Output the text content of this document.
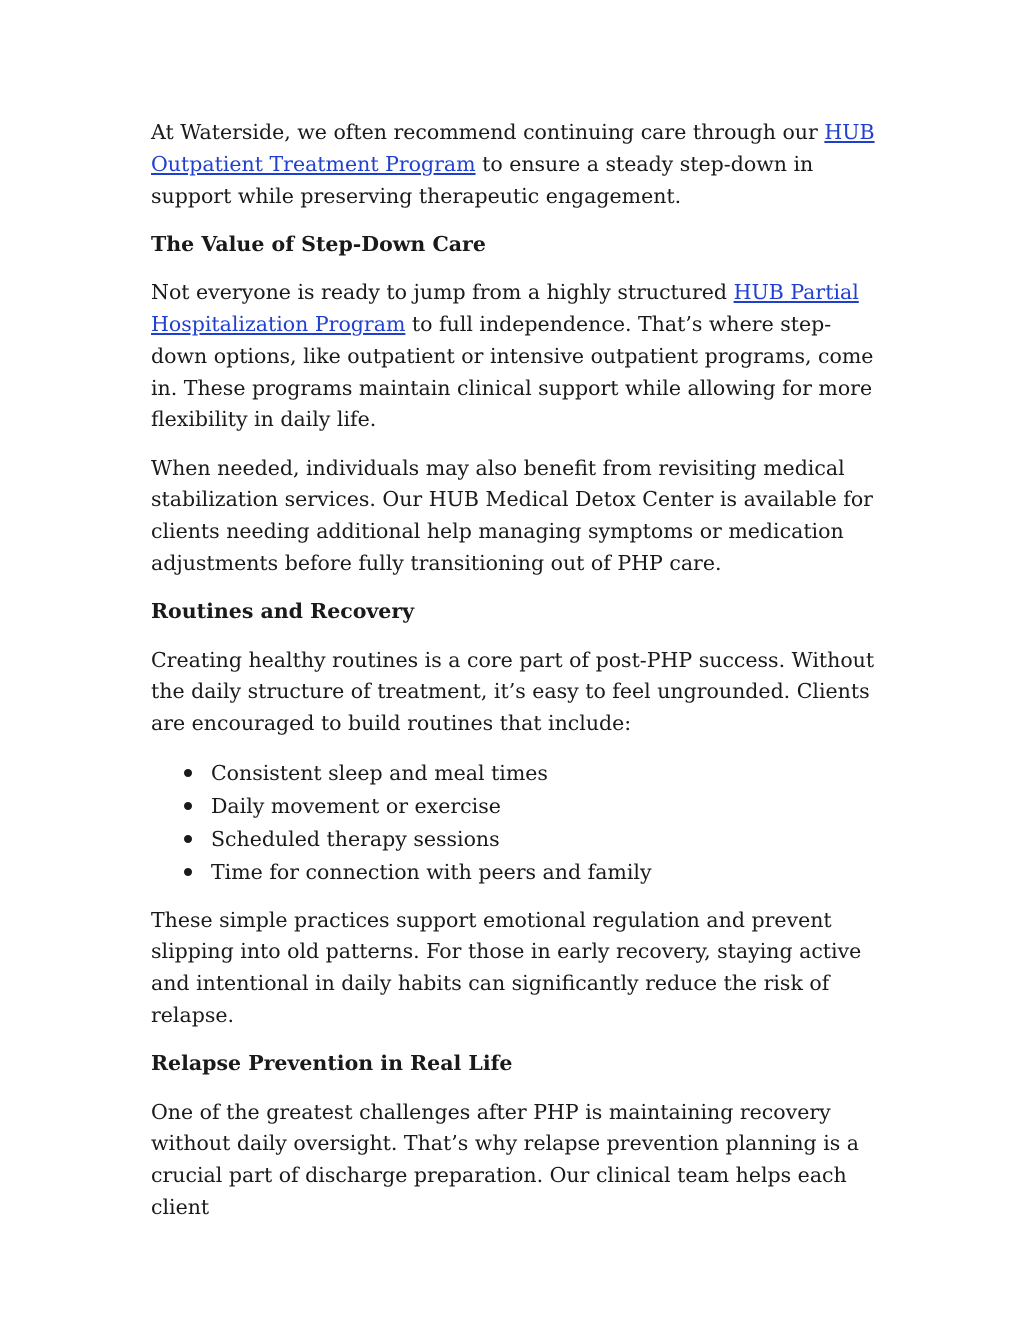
At Waterside, we often recommend continuing care through our HUB Outpatient Treatment Program to ensure a steady step-down in support while preserving therapeutic engagement.

The Value of Step-Down Care

Not everyone is ready to jump from a highly structured HUB Partial Hospitalization Program to full independence. That’s where step-down options, like outpatient or intensive outpatient programs, come in. These programs maintain clinical support while allowing for more flexibility in daily life.

When needed, individuals may also benefit from revisiting medical stabilization services. Our HUB Medical Detox Center is available for clients needing additional help managing symptoms or medication adjustments before fully transitioning out of PHP care.

Routines and Recovery

Creating healthy routines is a core part of post-PHP success. Without the daily structure of treatment, it’s easy to feel ungrounded. Clients are encouraged to build routines that include:

Consistent sleep and meal times
Daily movement or exercise
Scheduled therapy sessions
Time for connection with peers and family

These simple practices support emotional regulation and prevent slipping into old patterns. For those in early recovery, staying active and intentional in daily habits can significantly reduce the risk of relapse.

Relapse Prevention in Real Life

One of the greatest challenges after PHP is maintaining recovery without daily oversight. That’s why relapse prevention planning is a crucial part of discharge preparation. Our clinical team helps each client
